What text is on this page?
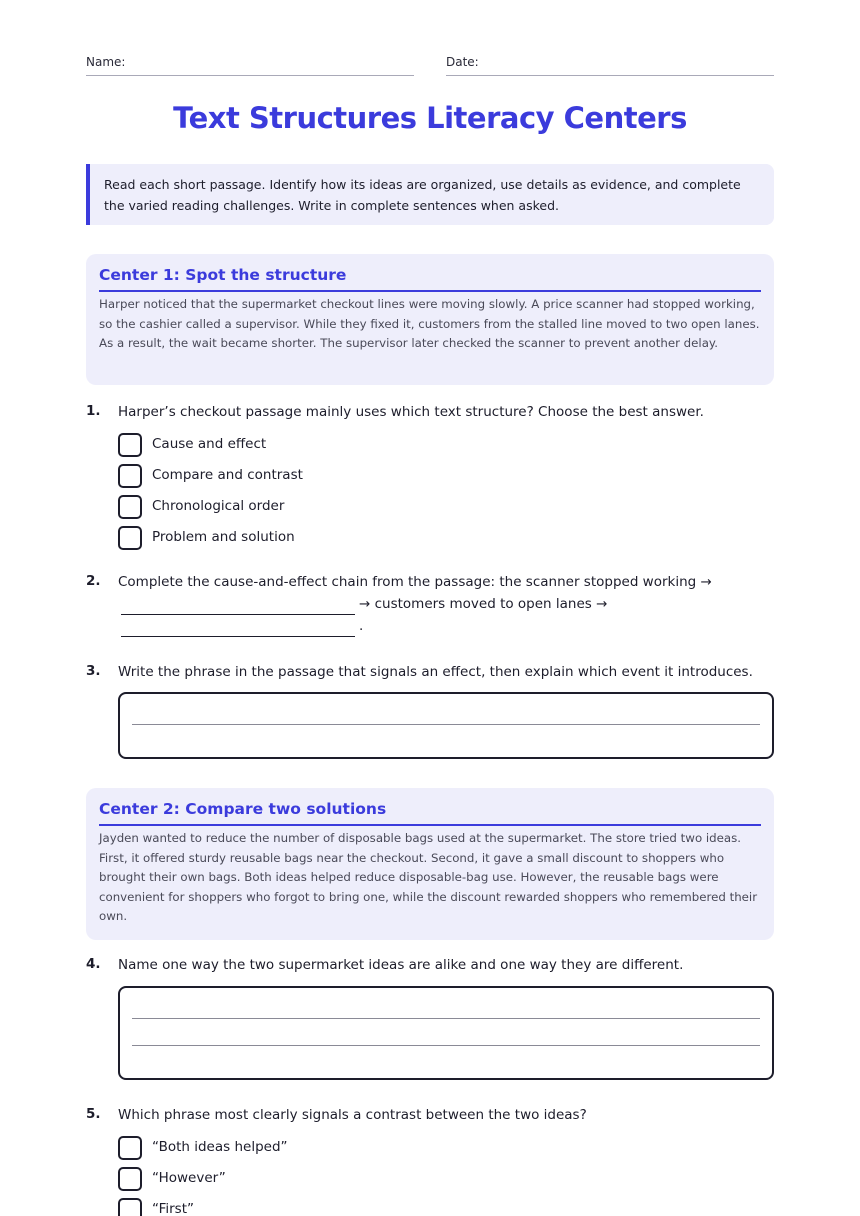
Name:	Date:
Text Structures Literacy Centers
Read each short passage. Identify how its ideas are organized, use details as evidence, and complete the varied reading challenges. Write in complete sentences when asked.
Center 1: Spot the structure
Harper noticed that the supermarket checkout lines were moving slowly. A price scanner had stopped working, so the cashier called a supervisor. While they fixed it, customers from the stalled line moved to two open lanes. As a result, the wait became shorter. The supervisor later checked the scanner to prevent another delay.
1. Harper’s checkout passage mainly uses which text structure? Choose the best answer.
Cause and effect
Compare and contrast
Chronological order
Problem and solution
2. Complete the cause-and-effect chain from the passage: the scanner stopped working →
→ customers moved to open lanes →
.
3. Write the phrase in the passage that signals an effect, then explain which event it introduces.
Center 2: Compare two solutions
Jayden wanted to reduce the number of disposable bags used at the supermarket. The store tried two ideas. First, it offered sturdy reusable bags near the checkout. Second, it gave a small discount to shoppers who brought their own bags. Both ideas helped reduce disposable-bag use. However, the reusable bags were convenient for shoppers who forgot to bring one, while the discount rewarded shoppers who remembered their own.
4. Name one way the two supermarket ideas are alike and one way they are different.
5. Which phrase most clearly signals a contrast between the two ideas?
“Both ideas helped”
“However”
“First”
